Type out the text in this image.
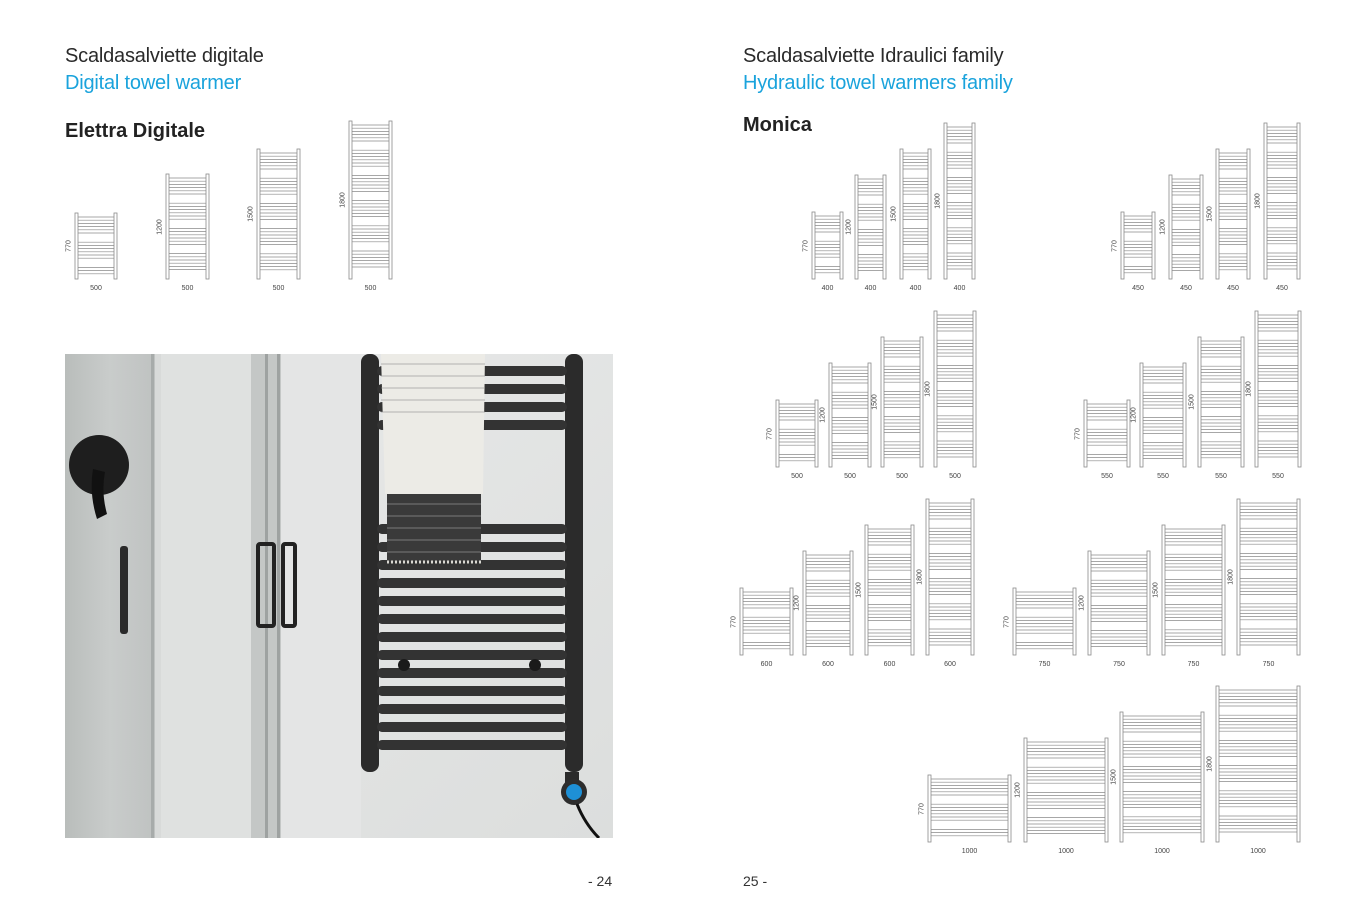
Scaldasalviette digitale
Digital towel warmer
Elettra Digitale
770
500
1200
500
1500
500
1800
500
- 24
Scaldasalviette Idraulici family
Hydraulic towel warmers family
Monica
770
400
1200
400
1500
400
1800
400
770
450
1200
450
1500
450
1800
450
770
500
1200
500
1500
500
1800
500
770
550
1200
550
1500
550
1800
550
770
600
1200
600
1500
600
1800
600
770
750
1200
750
1500
750
1800
750
770
1000
1200
1000
1500
1000
1800
1000
25 -
